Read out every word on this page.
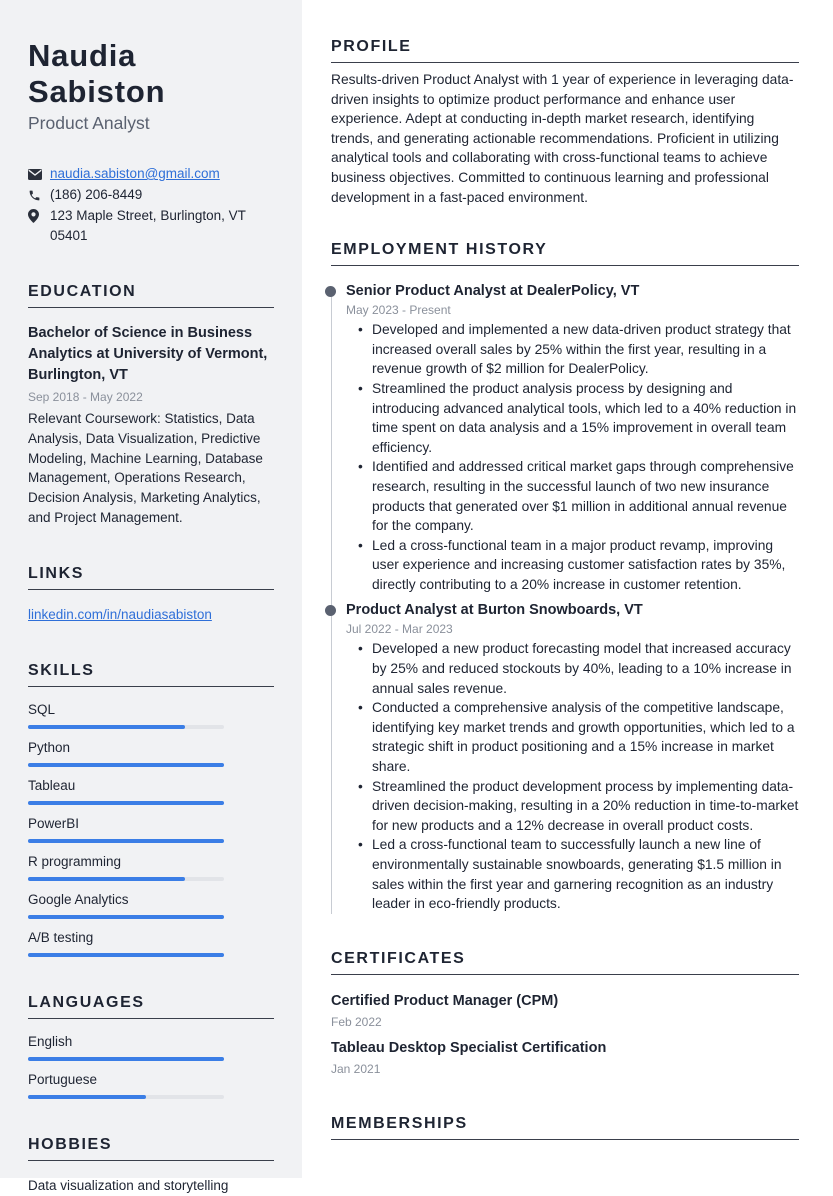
Naudia Sabiston
Product Analyst
naudia.sabiston@gmail.com
(186) 206-8449
123 Maple Street, Burlington, VT 05401
EDUCATION
Bachelor of Science in Business Analytics at University of Vermont, Burlington, VT
Sep 2018 - May 2022
Relevant Coursework: Statistics, Data Analysis, Data Visualization, Predictive Modeling, Machine Learning, Database Management, Operations Research, Decision Analysis, Marketing Analytics, and Project Management.
LINKS
linkedin.com/in/naudiasabiston
SKILLS
SQL
Python
Tableau
PowerBI
R programming
Google Analytics
A/B testing
LANGUAGES
English
Portuguese
HOBBIES
Data visualization and storytelling
PROFILE
Results-driven Product Analyst with 1 year of experience in leveraging data-driven insights to optimize product performance and enhance user experience. Adept at conducting in-depth market research, identifying trends, and generating actionable recommendations. Proficient in utilizing analytical tools and collaborating with cross-functional teams to achieve business objectives. Committed to continuous learning and professional development in a fast-paced environment.
EMPLOYMENT HISTORY
Senior Product Analyst at DealerPolicy, VT
May 2023 - Present
• Developed and implemented a new data-driven product strategy that increased overall sales by 25% within the first year, resulting in a revenue growth of $2 million for DealerPolicy.
• Streamlined the product analysis process by designing and introducing advanced analytical tools, which led to a 40% reduction in time spent on data analysis and a 15% improvement in overall team efficiency.
• Identified and addressed critical market gaps through comprehensive research, resulting in the successful launch of two new insurance products that generated over $1 million in additional annual revenue for the company.
• Led a cross-functional team in a major product revamp, improving user experience and increasing customer satisfaction rates by 35%, directly contributing to a 20% increase in customer retention.
Product Analyst at Burton Snowboards, VT
Jul 2022 - Mar 2023
• Developed a new product forecasting model that increased accuracy by 25% and reduced stockouts by 40%, leading to a 10% increase in annual sales revenue.
• Conducted a comprehensive analysis of the competitive landscape, identifying key market trends and growth opportunities, which led to a strategic shift in product positioning and a 15% increase in market share.
• Streamlined the product development process by implementing data-driven decision-making, resulting in a 20% reduction in time-to-market for new products and a 12% decrease in overall product costs.
• Led a cross-functional team to successfully launch a new line of environmentally sustainable snowboards, generating $1.5 million in sales within the first year and garnering recognition as an industry leader in eco-friendly products.
CERTIFICATES
Certified Product Manager (CPM)
Feb 2022
Tableau Desktop Specialist Certification
Jan 2021
MEMBERSHIPS
